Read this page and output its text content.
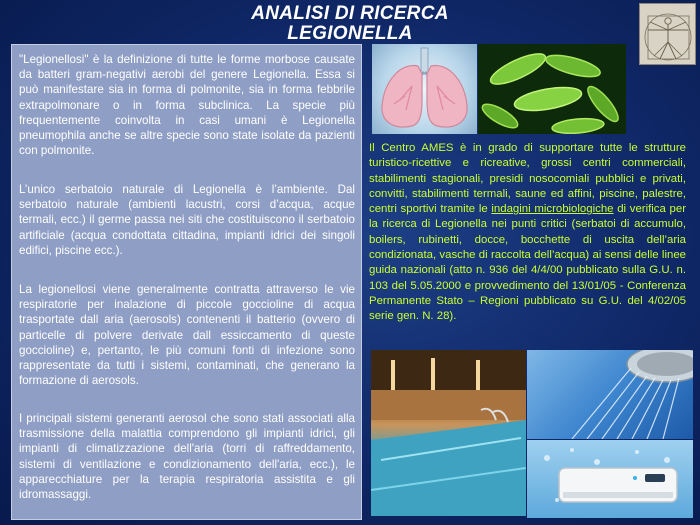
ANALISI DI RICERCA
LEGIONELLA

"Legionellosi" è la definizione di tutte le forme morbose causate da batteri gram-negativi aerobi del genere Legionella. Essa si può manifestare sia in forma di polmonite, sia in forma febbrile extrapolmonare o in forma subclinica. La specie più frequentemente coinvolta in casi umani è Legionella pneumophila anche se altre specie sono state isolate da pazienti con polmonite.

L’unico serbatoio naturale di Legionella è l’ambiente. Dal serbatoio naturale (ambienti lacustri, corsi d’acqua, acque termali, ecc.) il germe passa nei siti che costituiscono il serbatoio artificiale (acqua condottata cittadina, impianti idrici dei singoli edifici, piscine ecc.).

La legionellosi viene generalmente contratta attraverso le vie respiratorie per inalazione di piccole goccioline di acqua trasportate dall aria (aerosols) contenenti il batterio (ovvero di particelle di polvere derivate dall essiccamento di queste goccioline) e, pertanto, le più comuni fonti di infezione sono rappresentate da tutti i sistemi, contaminati, che generano la formazione di aerosols.

I principali sistemi generanti aerosol che sono stati associati alla trasmissione della malattia comprendono gli impianti idrici, gli impianti di climatizzazione dell'aria (torri di raffreddamento, sistemi di ventilazione e condizionamento dell'aria, ecc.), le apparecchiature per la terapia respiratoria assistita e gli idromassaggi.

Il Centro AMES è in grado di supportare tutte le strutture turistico-ricettive e ricreative, grossi centri commerciali, stabilimenti stagionali, presidi nosocomiali pubblici e privati, convitti, stabilimenti termali, saune ed affini, piscine, palestre, centri sportivi tramite le indagini microbiologiche di verifica per la ricerca di Legionella nei punti critici (serbatoi di accumulo, boilers, rubinetti, docce, bocchette di uscita dell’aria condizionata, vasche di raccolta dell’acqua) ai sensi delle linee guida nazionali (atto n. 936 del 4/4/00 pubblicato sulla G.U. n. 103 del 5.05.2000 e provvedimento del 13/01/05 - Conferenza Permanente Stato – Regioni pubblicato su G.U. del 4/02/05 serie gen. N. 28).
